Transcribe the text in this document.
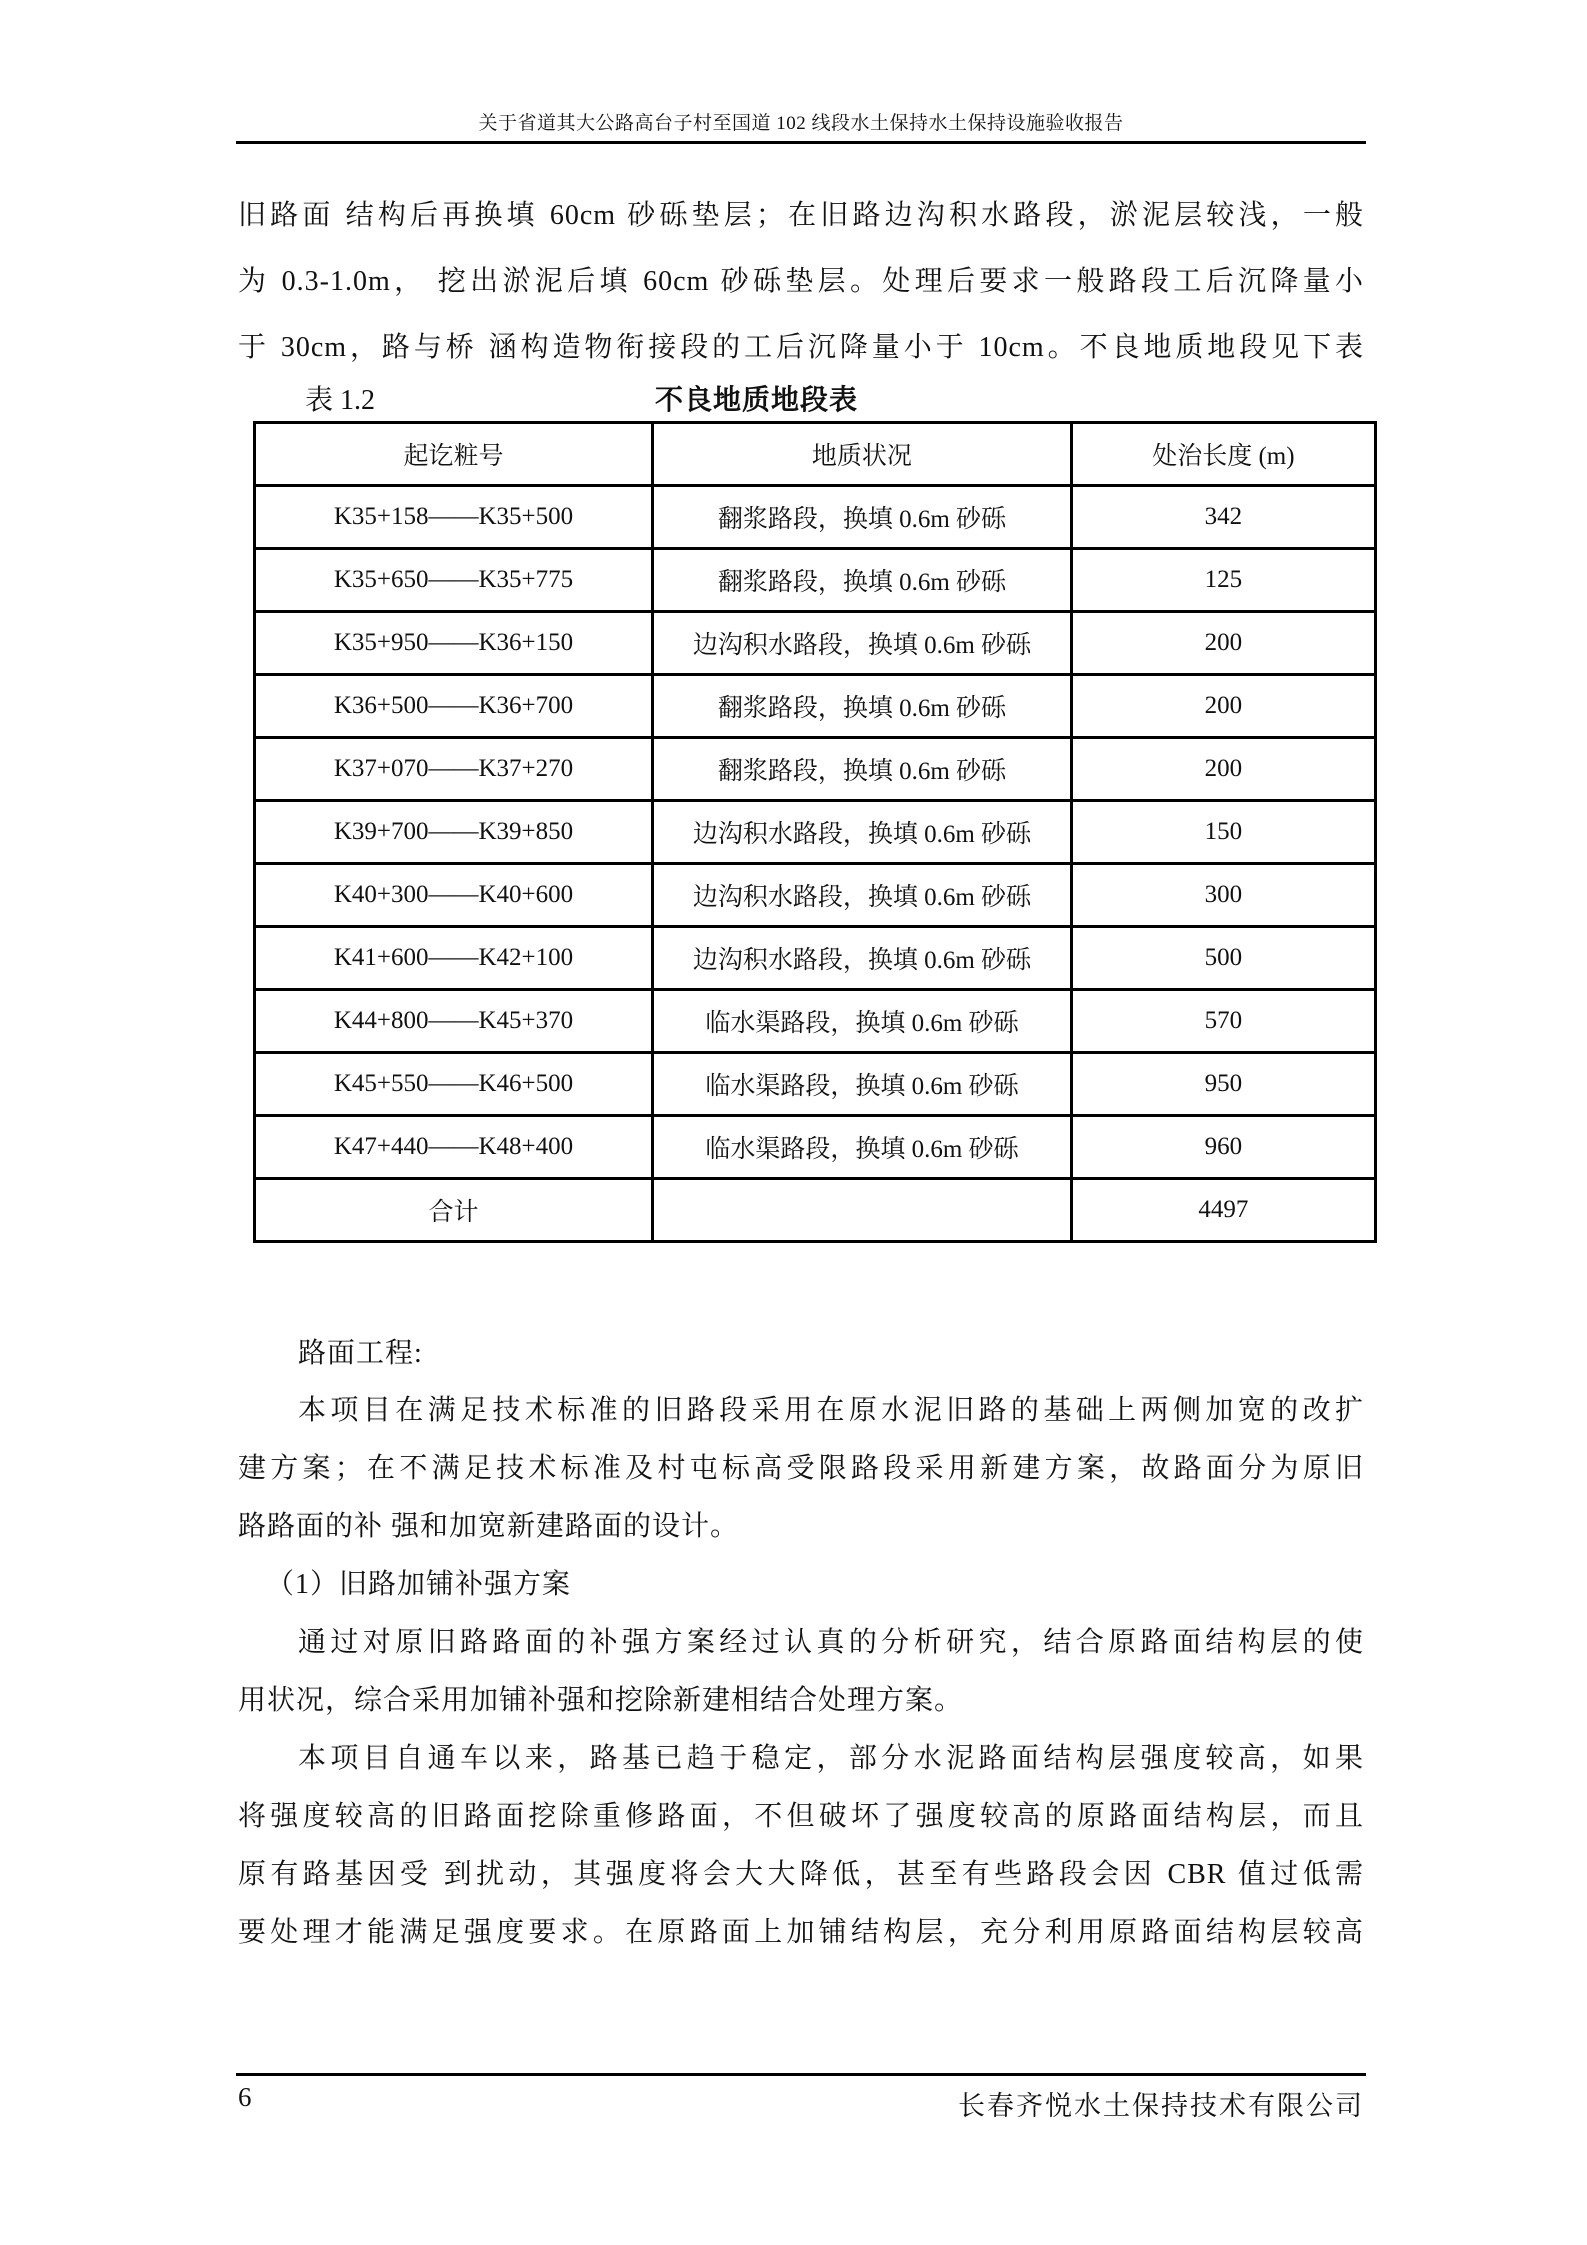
关于省道其大公路高台子村至国道 102 线段水土保持水土保持设施验收报告
旧路面 结构后再换填 60cm 砂砾垫层；在旧路边沟积水路段，淤泥层较浅，一般
为 0.3-1.0m， 挖出淤泥后填 60cm 砂砾垫层。处理后要求一般路段工后沉降量小
于 30cm，路与桥 涵构造物衔接段的工后沉降量小于 10cm。不良地质地段见下表
表 1.2	不良地质地段表
起讫粧号	地质状况	处治长度 (m)
K35+158——K35+500	翻浆路段，换填 0.6m 砂砾	342
K35+650——K35+775	翻浆路段，换填 0.6m 砂砾	125
K35+950——K36+150	边沟积水路段，换填 0.6m 砂砾	200
K36+500——K36+700	翻浆路段，换填 0.6m 砂砾	200
K37+070——K37+270	翻浆路段，换填 0.6m 砂砾	200
K39+700——K39+850	边沟积水路段，换填 0.6m 砂砾	150
K40+300——K40+600	边沟积水路段，换填 0.6m 砂砾	300
K41+600——K42+100	边沟积水路段，换填 0.6m 砂砾	500
K44+800——K45+370	临水渠路段，换填 0.6m 砂砾	570
K45+550——K46+500	临水渠路段，换填 0.6m 砂砾	950
K47+440——K48+400	临水渠路段，换填 0.6m 砂砾	960
合计		4497
路面工程:
本项目在满足技术标准的旧路段采用在原水泥旧路的基础上两侧加宽的改扩
建方案；在不满足技术标准及村屯标高受限路段采用新建方案，故路面分为原旧
路路面的补 强和加宽新建路面的设计。
（1）旧路加铺补强方案
通过对原旧路路面的补强方案经过认真的分析研究，结合原路面结构层的使
用状况，综合采用加铺补强和挖除新建相结合处理方案。
本项目自通车以来，路基已趋于稳定，部分水泥路面结构层强度较高，如果
将强度较高的旧路面挖除重修路面，不但破坏了强度较高的原路面结构层，而且
原有路基因受 到扰动，其强度将会大大降低，甚至有些路段会因 CBR 值过低需
要处理才能满足强度要求。在原路面上加铺结构层，充分利用原路面结构层较高
6	长春齐悦水土保持技术有限公司
